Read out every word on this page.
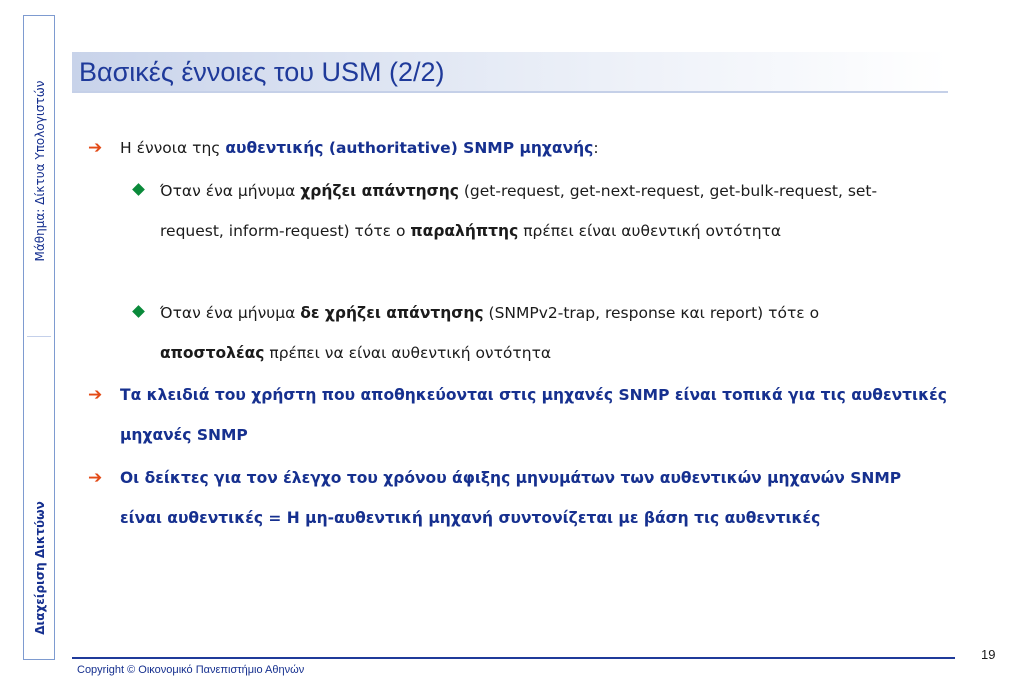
Μάθημα: Δίκτυα Υπολογιστών
Διαχείριση Δικτύων
Βασικές έννοιες του USM (2/2)
➔ Η έννοια της αυθεντικής (authoritative) SNMP μηχανής:
Όταν ένα μήνυμα χρήζει απάντησης (get-request, get-next-request, get-bulk-request, set-request, inform-request) τότε ο παραλήπτης πρέπει είναι αυθεντική οντότητα
Όταν ένα μήνυμα δε χρήζει απάντησης (SNMPv2-trap, response και report) τότε ο αποστολέας πρέπει να είναι αυθεντική οντότητα
➔ Τα κλειδιά του χρήστη που αποθηκεύονται στις μηχανές SNMP είναι τοπικά για τις αυθεντικές μηχανές SNMP
➔ Οι δείκτες για τον έλεγχο του χρόνου άφιξης μηνυμάτων των αυθεντικών μηχανών SNMP είναι αυθεντικές = Η μη-αυθεντική μηχανή συντονίζεται με βάση τις αυθεντικές
19
Copyright © Οικονομικό Πανεπιστήμιο Αθηνών
